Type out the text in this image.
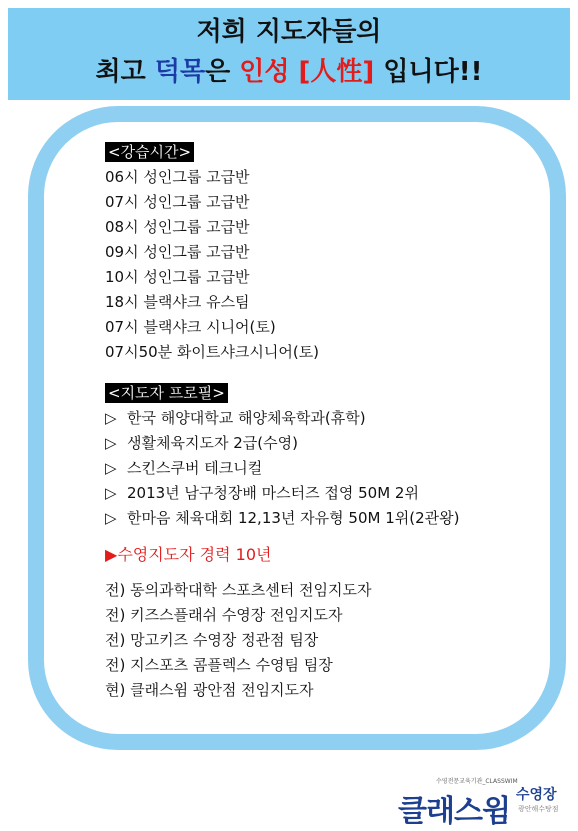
저희 지도자들의
최고 덕목은 인성 [人性] 입니다!!
<강습시간>
06시 성인그룹 고급반
07시 성인그룹 고급반
08시 성인그룹 고급반
09시 성인그룹 고급반
10시 성인그룹 고급반
18시 블랙샤크 유스팀
07시 블랙샤크 시니어(토)
07시50분 화이트샤크시니어(토)
<지도자 프로필>
▷ 한국 해양대학교 해양체육학과(휴학)
▷ 생활체육지도자 2급(수영)
▷ 스킨스쿠버 테크니컬
▷ 2013년 남구청장배 마스터즈 접영 50M 2위
▷ 한마음 체육대회 12,13년 자유형 50M 1위(2관왕)
▶수영지도자 경력 10년
전) 동의과학대학 스포츠센터 전임지도자
전) 키즈스플래쉬 수영장 전임지도자
전) 망고키즈 수영장 정관점 팀장
전) 지스포츠 콤플렉스 수영팀 팀장
현) 클래스윔 광안점 전임지도자
수영전문교육기관_CLASSWIM
클래스윔 수영장
광안해수탕점
